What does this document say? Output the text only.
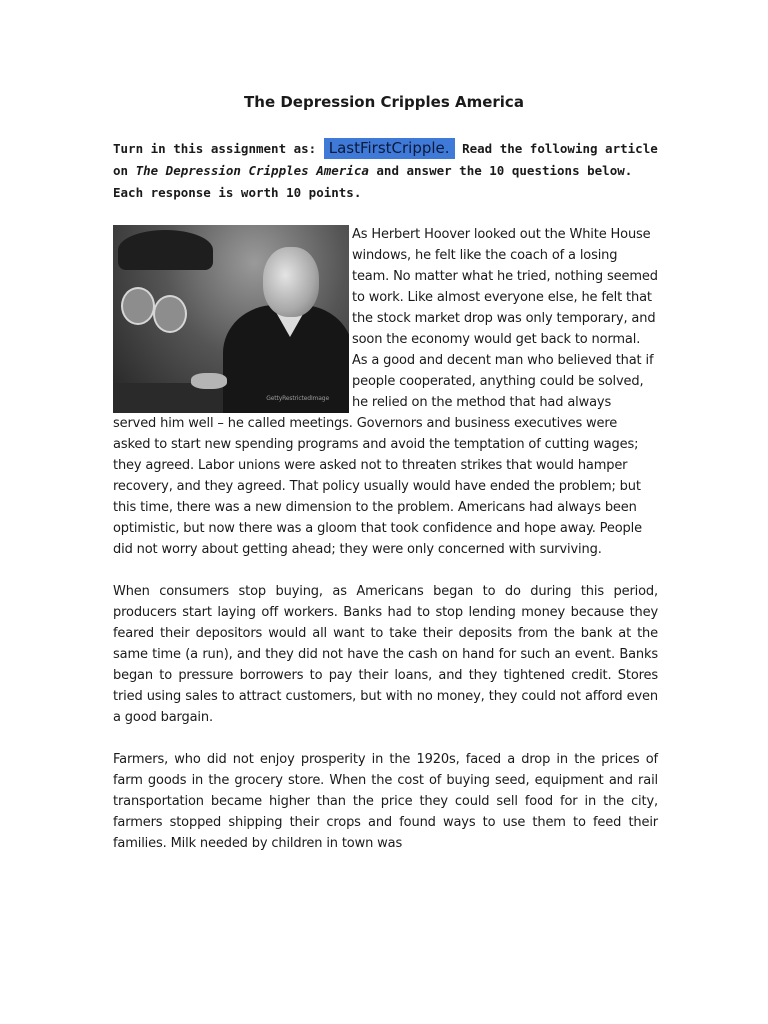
The Depression Cripples America

Turn in this assignment as: LastFirstCripple. Read the following article on The Depression Cripples America and answer the 10 questions below. Each response is worth 10 points.

GettyRestrictedImage

As Herbert Hoover looked out the White House windows, he felt like the coach of a losing team. No matter what he tried, nothing seemed to work. Like almost everyone else, he felt that the stock market drop was only temporary, and soon the economy would get back to normal. As a good and decent man who believed that if people cooperated, anything could be solved, he relied on the method that had always served him well – he called meetings. Governors and business executives were asked to start new spending programs and avoid the temptation of cutting wages; they agreed. Labor unions were asked not to threaten strikes that would hamper recovery, and they agreed. That policy usually would have ended the problem; but this time, there was a new dimension to the problem. Americans had always been optimistic, but now there was a gloom that took confidence and hope away. People did not worry about getting ahead; they were only concerned with surviving.

When consumers stop buying, as Americans began to do during this period, producers start laying off workers. Banks had to stop lending money because they feared their depositors would all want to take their deposits from the bank at the same time (a run), and they did not have the cash on hand for such an event. Banks began to pressure borrowers to pay their loans, and they tightened credit. Stores tried using sales to attract customers, but with no money, they could not afford even a good bargain.

Farmers, who did not enjoy prosperity in the 1920s, faced a drop in the prices of farm goods in the grocery store. When the cost of buying seed, equipment and rail transportation became higher than the price they could sell food for in the city, farmers stopped shipping their crops and found ways to use them to feed their families. Milk needed by children in town was
